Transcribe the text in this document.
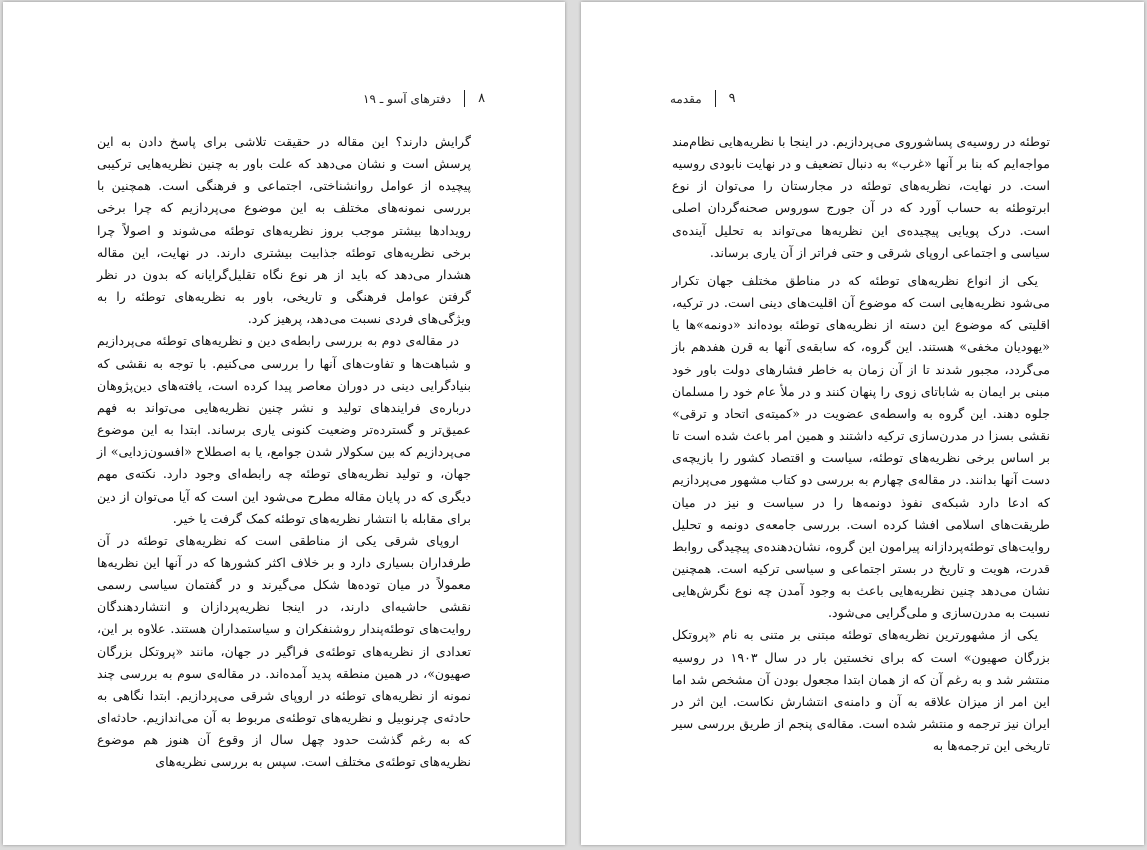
۸
دفترهای آسو ـ ۱۹

گرایش دارند؟ این مقاله در حقیقت تلاشی برای پاسخ دادن به این پرسش است و نشان می‌دهد که علت باور به چنین نظریه‌هایی ترکیبی پیچیده از عوامل روانشناختی، اجتماعی و فرهنگی است. همچنین با بررسی نمونه‌های مختلف به این موضوع می‌پردازیم که چرا برخی رویدادها بیشتر موجب بروز نظریه‌های توطئه می‌شوند و اصولاً چرا برخی نظریه‌های توطئه جذابیت بیشتری دارند. در نهایت، این مقاله هشدار می‌دهد که باید از هر نوع نگاه تقلیل‌گرایانه که بدون در نظر گرفتن عوامل فرهنگی و تاریخی، باور به نظریه‌های توطئه را به ویژگی‌های فردی نسبت می‌دهد، پرهیز کرد.

در مقاله‌ی دوم به بررسی رابطه‌ی دین و نظریه‌های توطئه می‌پردازیم و شباهت‌ها و تفاوت‌های آنها را بررسی می‌کنیم. با توجه به نقشی که بنیادگرایی دینی در دوران معاصر پیدا کرده است، یافته‌های دین‌پژوهان درباره‌ی فرایندهای تولید و نشر چنین نظریه‌هایی می‌تواند به فهم عمیق‌تر و گسترده‌تر وضعیت کنونی یاری برساند. ابتدا به این موضوع می‌پردازیم که بین سکولار شدن جوامع، یا به اصطلاح «افسون‌زدایی» از جهان، و تولید نظریه‌های توطئه چه رابطه‌ای وجود دارد. نکته‌ی مهم دیگری که در پایان مقاله مطرح می‌شود این است که آیا می‌توان از دین برای مقابله با انتشار نظریه‌های توطئه کمک گرفت یا خیر.

اروپای شرقی یکی از مناطقی است که نظریه‌های توطئه در آن طرفداران بسیاری دارد و بر خلاف اکثر کشورها که در آنها این نظریه‌ها معمولاً در میان توده‌ها شکل می‌گیرند و در گفتمان سیاسی رسمی نقشی حاشیه‌ای دارند، در اینجا نظریه‌پردازان و انتشاردهندگان روایت‌های توطئه‌پندار روشنفکران و سیاستمداران هستند. علاوه بر این، تعدادی از نظریه‌های توطئه‌ی فراگیر در جهان، مانند «پروتکل بزرگان صهیون»، در همین منطقه پدید آمده‌اند. در مقاله‌ی سوم به بررسی چند نمونه از نظریه‌های توطئه در اروپای شرقی می‌پردازیم. ابتدا نگاهی به حادثه‌ی چرنوبیل و نظریه‌های توطئه‌ی مربوط به آن می‌اندازیم. حادثه‌ای که به رغم گذشت حدود چهل سال از وقوع آن هنوز هم موضوع نظریه‌های توطئه‌ی مختلف است. سپس به بررسی نظریه‌های

۹
مقدمه

توطئه در روسیه‌ی پساشوروی می‌پردازیم. در اینجا با نظریه‌هایی نظام‌مند مواجه‌ایم که بنا بر آنها «غرب» به دنبال تضعیف و در نهایت نابودی روسیه است. در نهایت، نظریه‌های توطئه در مجارستان را می‌توان از نوع ابرتوطئه به حساب آورد که در آن جورج سوروس صحنه‌گردان اصلی است. درک پویایی پیچیده‌ی این نظریه‌ها می‌تواند به تحلیل آینده‌ی سیاسی و اجتماعی اروپای شرقی و حتی فراتر از آن یاری برساند.

یکی از انواع نظریه‌های توطئه که در مناطق مختلف جهان تکرار می‌شود نظریه‌هایی است که موضوع آن اقلیت‌های دینی است. در ترکیه، اقلیتی که موضوع این دسته از نظریه‌های توطئه بوده‌اند «دونمه»ها یا «یهودیان مخفی» هستند. این گروه، که سابقه‌ی آنها به قرن هفدهم باز می‌گردد، مجبور شدند تا از آن زمان به خاطر فشارهای دولت باور خود مبنی بر ایمان به شاباتای زوی را پنهان کنند و در ملأ عام خود را مسلمان جلوه دهند. این گروه به واسطه‌ی عضویت در «کمیته‌ی اتحاد و ترقی» نقشی بسزا در مدرن‌سازی ترکیه داشتند و همین امر باعث شده است تا بر اساس برخی نظریه‌های توطئه، سیاست و اقتصاد کشور را بازیچه‌ی دست آنها بدانند. در مقاله‌ی چهارم به بررسی دو کتاب مشهور می‌پردازیم که ادعا دارد شبکه‌ی نفوذ دونمه‌ها را در سیاست و نیز در میان طریقت‌های اسلامی افشا کرده است. بررسی جامعه‌ی دونمه و تحلیل روایت‌های توطئه‌پردازانه پیرامون این گروه، نشان‌دهنده‌ی پیچیدگی روابط قدرت، هویت و تاریخ در بستر اجتماعی و سیاسی ترکیه است. همچنین نشان می‌دهد چنین نظریه‌هایی باعث به وجود آمدن چه نوع نگرش‌هایی نسبت به مدرن‌سازی و ملی‌گرایی می‌شود.

یکی از مشهورترین نظریه‌های توطئه مبتنی بر متنی به نام «پروتکل بزرگان صهیون» است که برای نخستین بار در سال ۱۹۰۳ در روسیه منتشر شد و به رغم آن که از همان ابتدا مجعول بودن آن مشخص شد اما این امر از میزان علاقه به آن و دامنه‌ی انتشارش نکاست. این اثر در ایران نیز ترجمه و منتشر شده است. مقاله‌ی پنجم از طریق بررسی سیر تاریخی این ترجمه‌ها به
